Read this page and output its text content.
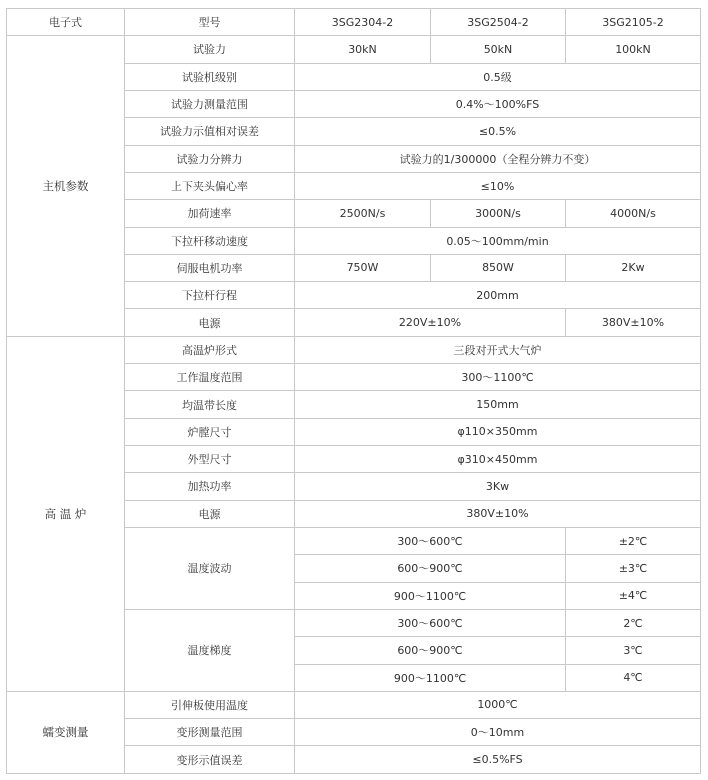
电子式	型号	3SG2304-2	3SG2504-2	3SG2105-2
主机参数	试验力	30kN	50kN	100kN
	试验机级别	0.5级		
	试验力测量范围	0.4%～100%FS		
	试验力示值相对误差	≤0.5%		
	试验力分辨力	试验力的1/300000（全程分辨力不变）		
	上下夹头偏心率	≤10%		
	加荷速率	2500N/s	3000N/s	4000N/s
	下拉杆移动速度	0.05～100mm/min		
	伺服电机功率	750W	850W	2Kw
	下拉杆行程	200mm		
	电源	220V±10%		380V±10%
高 温 炉	高温炉形式	三段对开式大气炉		
	工作温度范围	300～1100℃		
	均温带长度	150mm		
	炉膛尺寸	φ110×350mm		
	外型尺寸	φ310×450mm		
	加热功率	3Kw		
	电源	380V±10%		
	温度波动	300～600℃		±2℃
		600～900℃		±3℃
		900～1100℃		±4℃
	温度梯度	300～600℃		2℃
		600～900℃		3℃
		900～1100℃		4℃
蠕变测量	引伸板使用温度	1000℃		
	变形测量范围	0～10mm		
	变形示值误差	≤0.5%FS		
